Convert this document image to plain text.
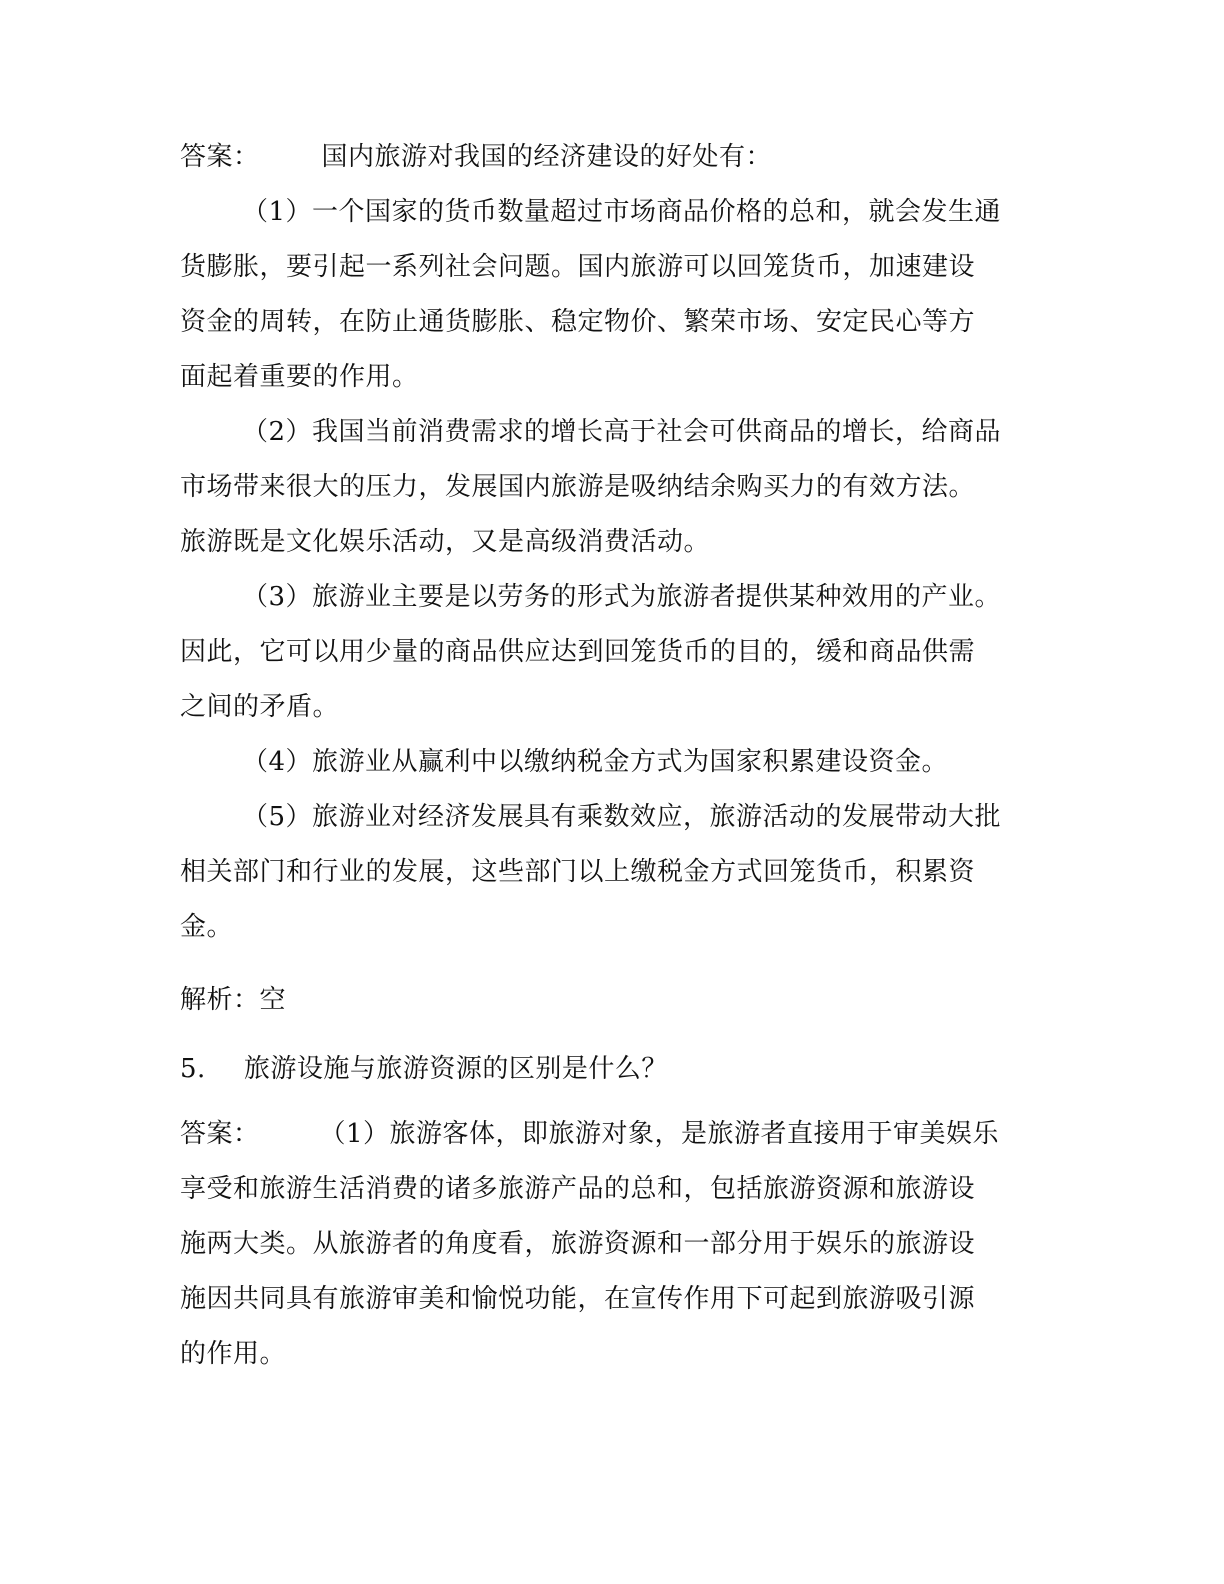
答案： 国内旅游对我国的经济建设的好处有：
（1）一个国家的货币数量超过市场商品价格的总和，就会发生通
货膨胀，要引起一系列社会问题。国内旅游可以回笼货币，加速建设
资金的周转，在防止通货膨胀、稳定物价、繁荣市场、安定民心等方
面起着重要的作用。
（2）我国当前消费需求的增长高于社会可供商品的增长，给商品
市场带来很大的压力，发展国内旅游是吸纳结余购买力的有效方法。
旅游既是文化娱乐活动，又是高级消费活动。
（3）旅游业主要是以劳务的形式为旅游者提供某种效用的产业。
因此，它可以用少量的商品供应达到回笼货币的目的，缓和商品供需
之间的矛盾。
（4）旅游业从赢利中以缴纳税金方式为国家积累建设资金。
（5）旅游业对经济发展具有乘数效应，旅游活动的发展带动大批
相关部门和行业的发展，这些部门以上缴税金方式回笼货币，积累资
金。
解析：空
5. 旅游设施与旅游资源的区别是什么？
答案： （1）旅游客体，即旅游对象，是旅游者直接用于审美娱乐
享受和旅游生活消费的诸多旅游产品的总和，包括旅游资源和旅游设
施两大类。从旅游者的角度看，旅游资源和一部分用于娱乐的旅游设
施因共同具有旅游审美和愉悦功能，在宣传作用下可起到旅游吸引源
的作用。
